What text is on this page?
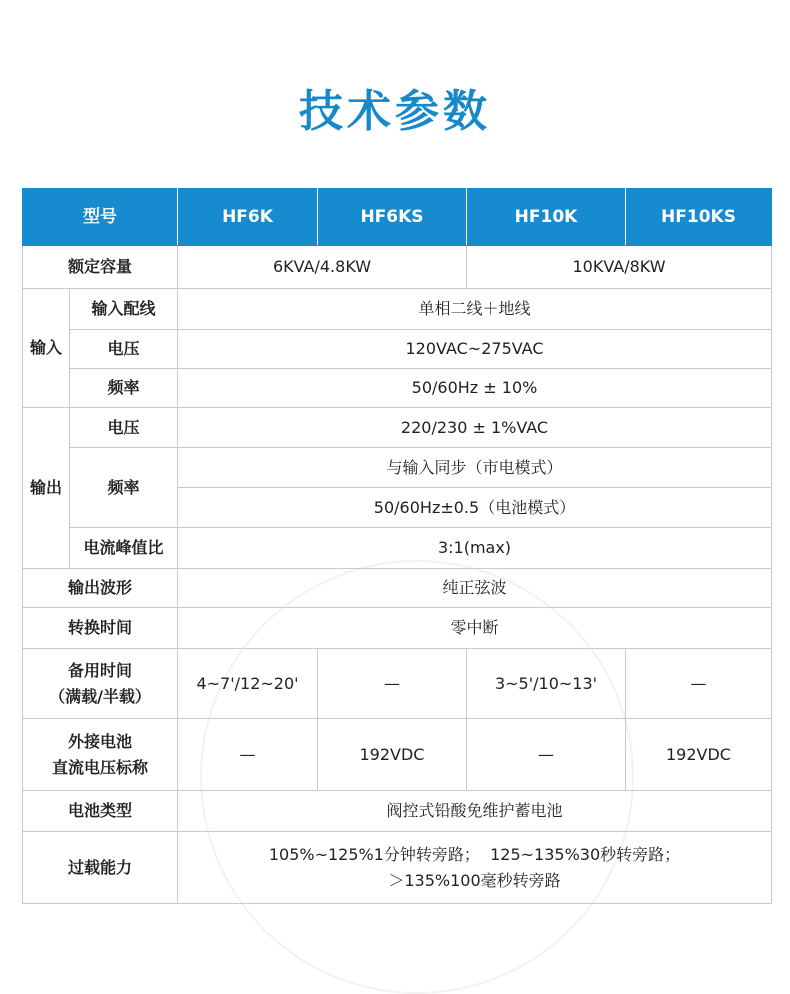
技术参数
型号		HF6K	HF6KS	HF10K	HF10KS
额定容量		6KVA/4.8KW		10KVA/8KW	
输入	输入配线	单相二线＋地线			
	电压	120VAC~275VAC			
	频率	50/60Hz ± 10%			
输出	电压	220/230 ± 1%VAC			
	频率	与输入同步（市电模式）			
		50/60Hz±0.5（电池模式）			
	电流峰值比	3:1(max)			
输出波形		纯正弦波			
转换时间		零中断			

备用时间
（满载/半载）		4~7'/12~20'	—	3~5'/10~13'	—

外接电池
直流电压标称		—	192VDC	—	192VDC
电池类型		阀控式铅酸免维护蓄电池			
过载能力		105%~125%1分钟转旁路；  125~135%30秒转旁路；
＞135%100毫秒转旁路			
